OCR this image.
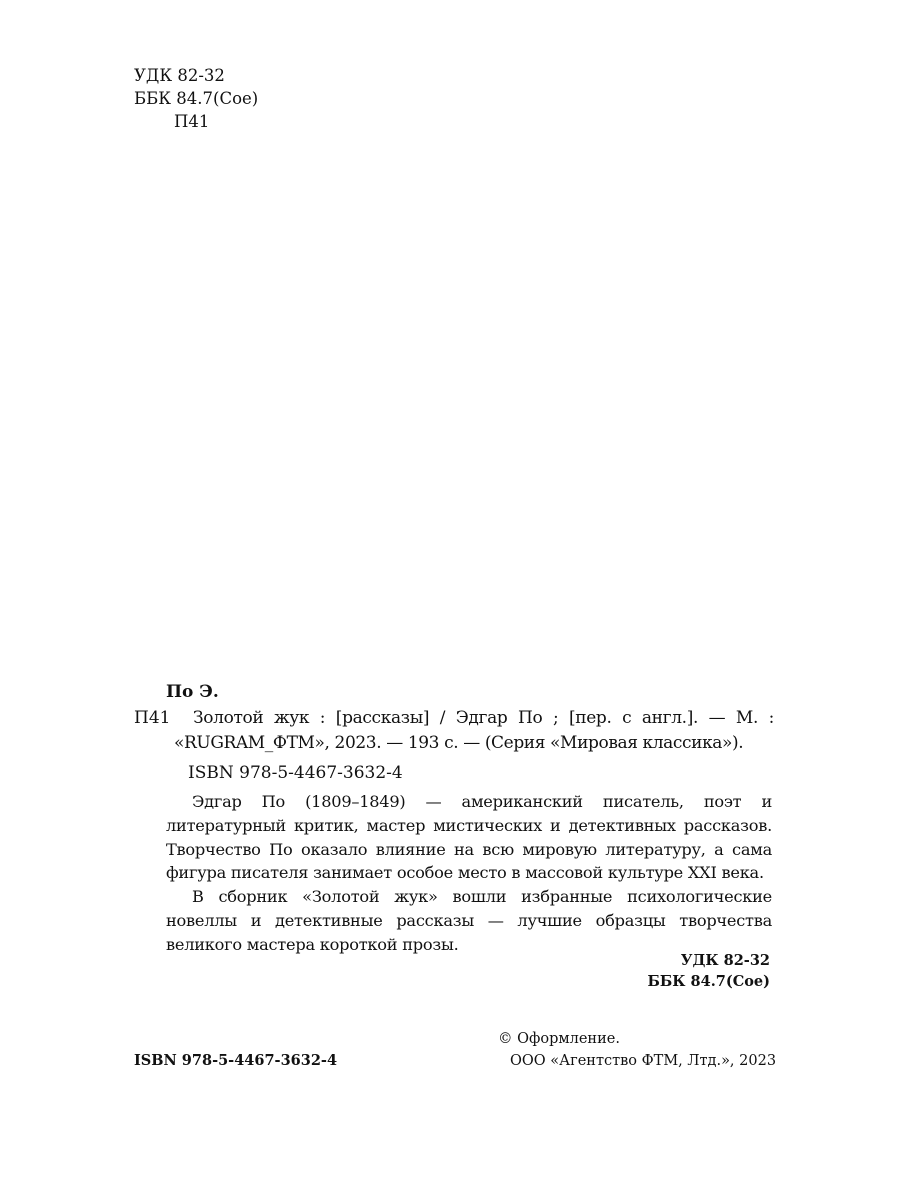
УДК 82-32
ББК 84.7(Сое)
П41
По Э.
П41	Золотой жук : [рассказы] / Эдгар По ; [пер. с англ.]. — М. :
«RUGRAM_ФТМ», 2023. — 193 с. — (Серия «Мировая классика»).
ISBN 978-5-4467-3632-4

Эдгар По (1809–1849) — американский писатель, поэт и литературный критик, мастер мистических и детективных рассказов. Творчество По оказало влияние на всю мировую литературу, а сама фигура писателя занимает особое место в массовой культуре XXI века.

В сборник «Золотой жук» вошли избранные психологические новеллы и детективные рассказы — лучшие образцы творчества великого мастера короткой прозы.

УДК 82-32
ББК 84.7(Сое)
© Оформление.
ООО «Агентство ФТМ, Лтд.», 2023
ISBN 978-5-4467-3632-4
